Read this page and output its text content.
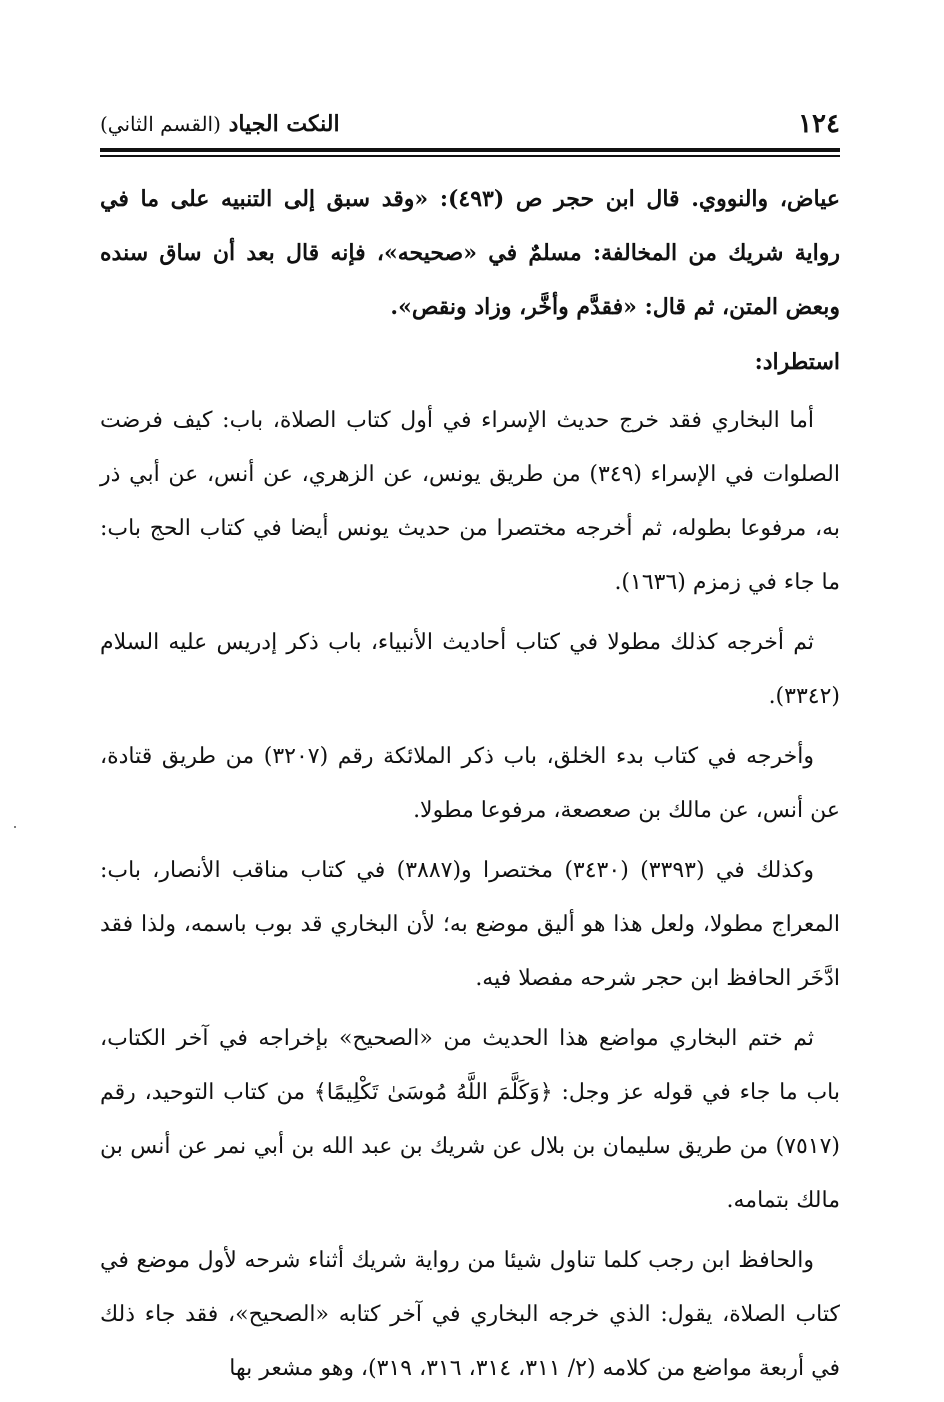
١٢٤
النكت الجياد (القسم الثاني)

عياض، والنووي. قال ابن حجر ص (٤٩٣): «وقد سبق إلى التنبيه على ما في رواية شريك من المخالفة: مسلمٌ في «صحيحه»، فإنه قال بعد أن ساق سنده وبعض المتن، ثم قال: «فقدَّم وأخَّر، وزاد ونقص».

استطراد:

أما البخاري فقد خرج حديث الإسراء في أول كتاب الصلاة، باب: كيف فرضت الصلوات في الإسراء (٣٤٩) من طريق يونس، عن الزهري، عن أنس، عن أبي ذر به، مرفوعا بطوله، ثم أخرجه مختصرا من حديث يونس أيضا في كتاب الحج باب: ما جاء في زمزم (١٦٣٦).

ثم أخرجه كذلك مطولا في كتاب أحاديث الأنبياء، باب ذكر إدريس عليه السلام (٣٣٤٢).

وأخرجه في كتاب بدء الخلق، باب ذكر الملائكة رقم (٣٢٠٧) من طريق قتادة، عن أنس، عن مالك بن صعصعة، مرفوعا مطولا.

وكذلك في (٣٣٩٣) (٣٤٣٠) مختصرا و(٣٨٨٧) في كتاب مناقب الأنصار، باب: المعراج مطولا، ولعل هذا هو أليق موضع به؛ لأن البخاري قد بوب باسمه، ولذا فقد ادَّخَر الحافظ ابن حجر شرحه مفصلا فيه.

ثم ختم البخاري مواضع هذا الحديث من «الصحيح» بإخراجه في آخر الكتاب، باب ما جاء في قوله عز وجل: ﴿وَكَلَّمَ اللَّهُ مُوسَىٰ تَكْلِيمًا﴾ من كتاب التوحيد، رقم (٧٥١٧) من طريق سليمان بن بلال عن شريك بن عبد الله بن أبي نمر عن أنس بن مالك بتمامه.

والحافظ ابن رجب كلما تناول شيئا من رواية شريك أثناء شرحه لأول موضع في كتاب الصلاة، يقول: الذي خرجه البخاري في آخر كتابه «الصحيح»، فقد جاء ذلك في أربعة مواضع من كلامه (٢/ ٣١١، ٣١٤، ٣١٦، ٣١٩)، وهو مشعر بها
